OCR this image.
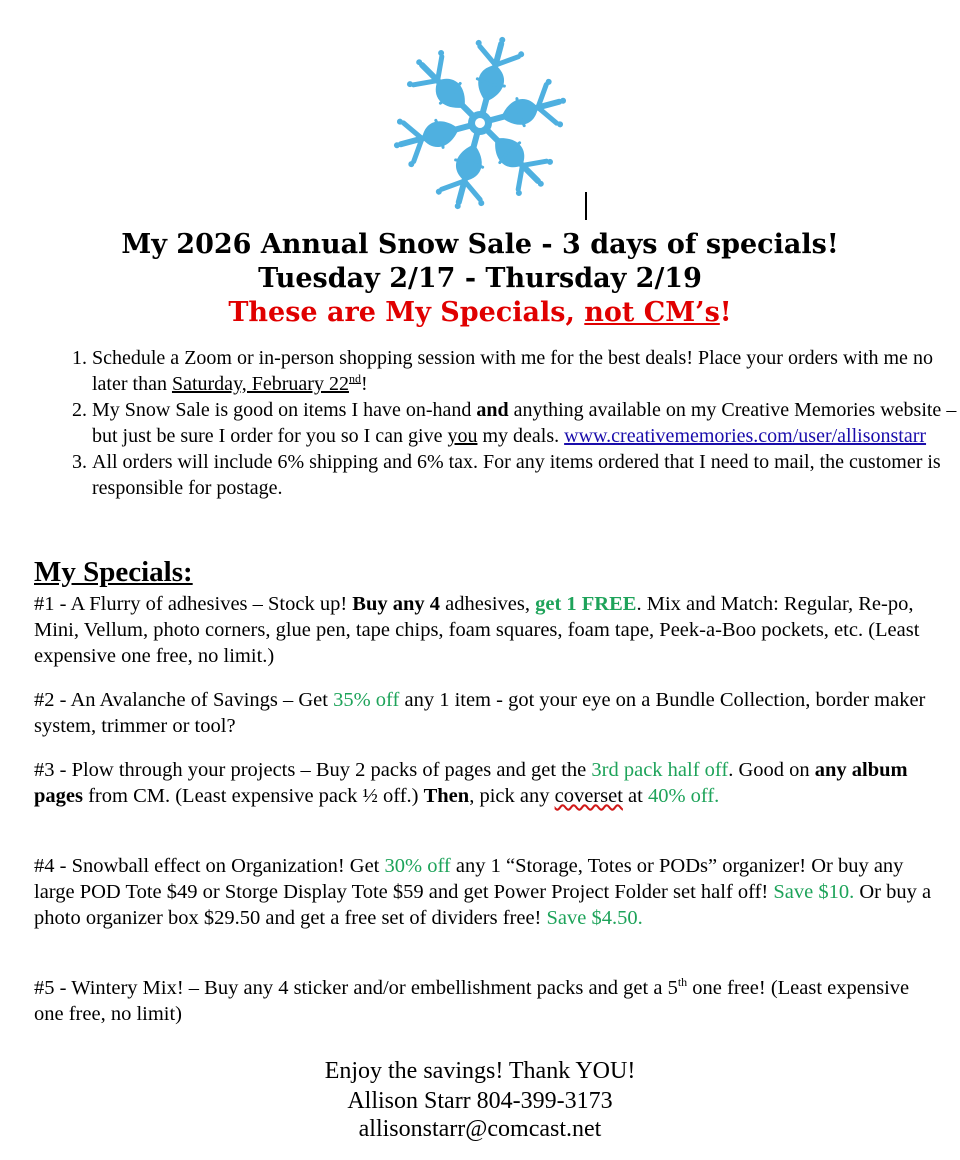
My 2026 Annual Snow Sale - 3 days of specials!
Tuesday 2/17 - Thursday 2/19
These are My Specials, not CM’s!
1. Schedule a Zoom or in-person shopping session with me for the best deals! Place your orders with me no later than Saturday, February 22nd!
2. My Snow Sale is good on items I have on-hand and anything available on my Creative Memories website – but just be sure I order for you so I can give you my deals. www.creativememories.com/user/allisonstarr
3. All orders will include 6% shipping and 6% tax. For any items ordered that I need to mail, the customer is responsible for postage.
My Specials:

#1 - A Flurry of adhesives – Stock up! Buy any 4 adhesives, get 1 FREE. Mix and Match: Regular, Re-po, Mini, Vellum, photo corners, glue pen, tape chips, foam squares, foam tape, Peek-a-Boo pockets, etc. (Least expensive one free, no limit.)

#2 - An Avalanche of Savings – Get 35% off any 1 item - got your eye on a Bundle Collection, border maker system, trimmer or tool?

#3 - Plow through your projects – Buy 2 packs of pages and get the 3rd pack half off. Good on any album pages from CM. (Least expensive pack ½ off.) Then, pick any coverset at 40% off.

#4 - Snowball effect on Organization! Get 30% off any 1 “Storage, Totes or PODs” organizer! Or buy any large POD Tote $49 or Storge Display Tote $59 and get Power Project Folder set half off! Save $10. Or buy a photo organizer box $29.50 and get a free set of dividers free! Save $4.50.

#5 - Wintery Mix! – Buy any 4 sticker and/or embellishment packs and get a 5th one free! (Least expensive one free, no limit)

Enjoy the savings! Thank YOU!
Allison Starr 804-399-3173
allisonstarr@comcast.net
